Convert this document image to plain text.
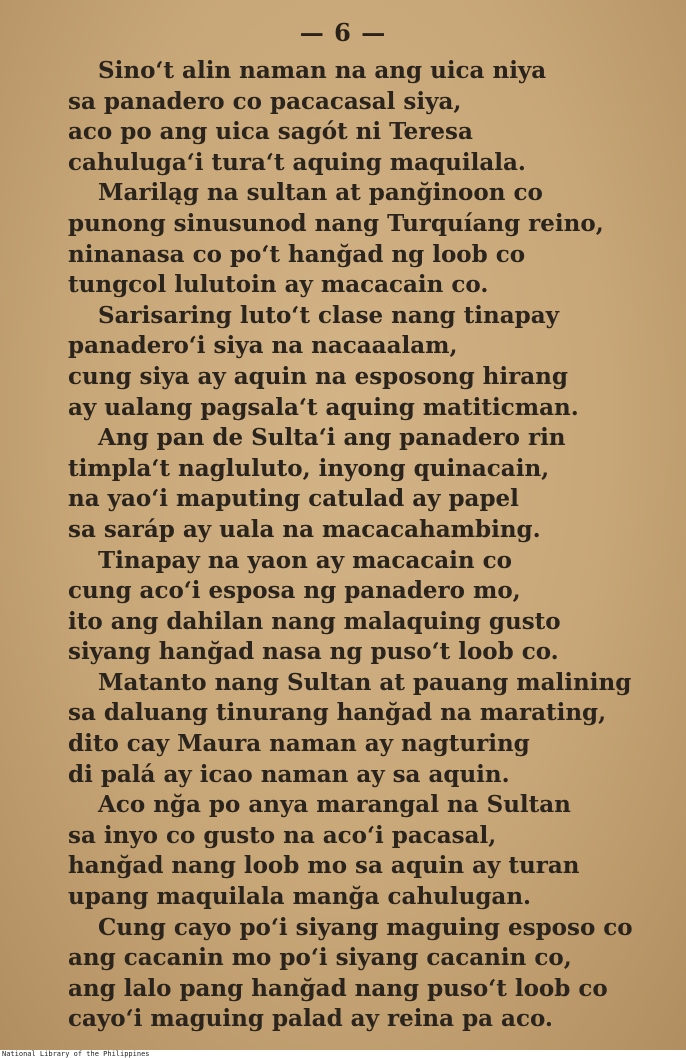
— 6 —
Sino‘t alin naman na ang uica niya
sa panadero co pacacasal siya,
aco po ang uica sagót ni Teresa
cahuluga‘i tura‘t aquing maquilala.
Mariląg na sultan at panğinoon co
punong sinusunod nang Turquíang reino,
ninanasa co po‘t hanğad ng loob co
tungcol lulutoin ay macacain co.
Sarisaring luto‘t clase nang tinapay
panadero‘i siya na nacaaalam,
cung siya ay aquin na esposong hirang
ay ualang pagsala‘t aquing matiticman.
Ang pan de Sulta‘i ang panadero rin
timpla‘t nagluluto, inyong quinacain,
na yao‘i maputing catulad ay papel
sa saráp ay uala na macacahambing.
Tinapay na yaon ay macacain co
cung aco‘i esposa ng panadero mo,
ito ang dahilan nang malaquing gusto
siyang hanğad nasa ng puso‘t loob co.
Matanto nang Sultan at pauang malining
sa daluang tinurang hanğad na marating,
dito cay Maura naman ay nagturing
di palá ay icao naman ay sa aquin.
Aco nğa po anya marangal na Sultan
sa inyo co gusto na aco‘i pacasal,
hanğad nang loob mo sa aquin ay turan
upang maquilala manğa cahulugan.
Cung cayo po‘i siyang maguing esposo co
ang cacanin mo po‘i siyang cacanin co,
ang lalo pang hanğad nang puso‘t loob co
cayo‘i maguing palad ay reina pa aco.
National Library of the Philippines
